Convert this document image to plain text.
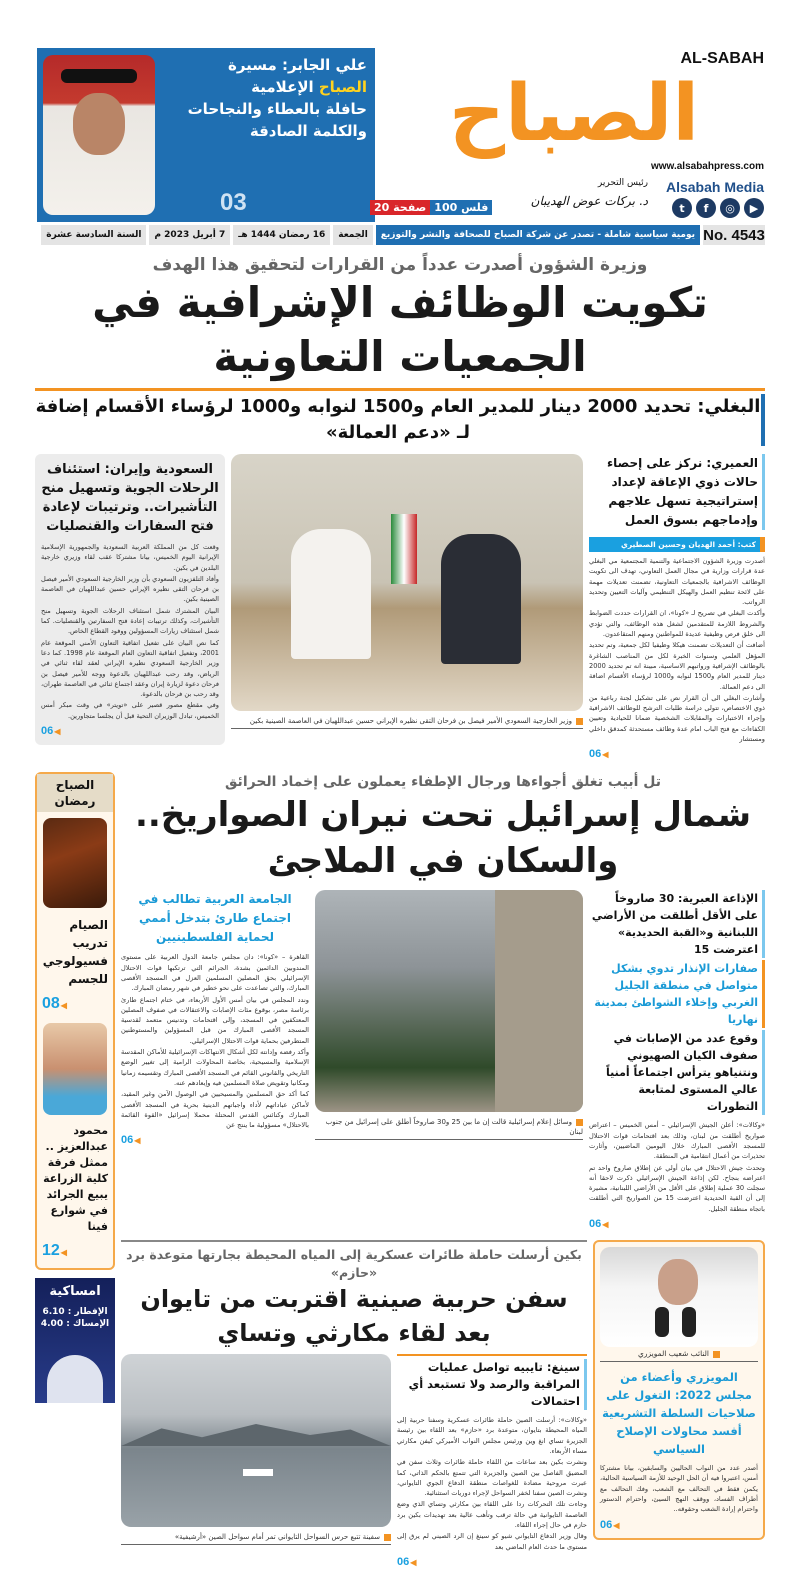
علي الجابر: مسيرة
الصباح الإعلامية
حافلة بالعطاء والنجاحات
والكلمة الصادقة
03
AL-SABAH
الصباح
www.alsabahpress.com
Alsabah Media
t	f	◎	▶
رئيس التحرير
د. بركات عوض الهديبان
20 صفحة 100 فلس
No. 4543
يومية سياسية شاملة - تصدر عن شركة الصباح للصحافة والنشر والتوزيع
الجمعة
16 رمضان 1444 هـ
7 أبريل 2023 م
السنة السادسة عشرة
وزيرة الشؤون أصدرت عدداً من القرارات لتحقيق هذا الهدف
تكويت الوظائف الإشرافية في الجمعيات التعاونية
البغلي: تحديد 2000 دينار للمدير العام و1500 لنوابه و1000 لرؤساء الأقسام إضافة لـ «دعم العمالة»
العميري: نركز على إحصاء حالات ذوي الإعاقة لإعداد إستراتيجية تسهل علاجهم وإدماجهم بسوق العمل
كتب: أحمد الهديان وحسين الصطيري

أصدرت وزيرة الشؤون الاجتماعية والتنمية المجتمعية مي البغلي عدة قرارات وزارية في مجال العمل التعاوني، تهدف الى تكويت الوظائف الاشرافية بالجمعيات التعاونية، تضمنت تعديلات مهمة على لائحة تنظيم العمل والهيكل التنظيمي وآليات التعيين وتحديد الرواتب.

وأكدت البغلي في تصريح لـ «كونا»، ان القرارات حددت الضوابط والشروط اللازمة للمتقدمين لشغل هذه الوظائف، والتي تؤدي الى خلق فرص وظيفية عديدة للمواطنين ومنهم المتقاعدون.

أضافت أن التعديلات تضمنت هيكلا وظيفيا لكل جمعية، وتم تحديد المؤهل العلمي وسنوات الخبرة لكل من المناصب الشاغرة بالوظائف الإشرافية ورواتبهم الاساسية، مبينة انه تم تحديد 2000 دينار للمدير العام و1500 لنوابه و1000 لرؤساء الأقسام اضافة الى دعم العمالة.

وأشارت البغلي الى أن القرار نص على تشكيل لجنة رباعية من ذوي الاختصاص، تتولى دراسة طلبات الترشح للوظائف الاشرافية وإجراء الاختبارات والمقابلات الشخصية ضمانا للحيادية وتعيين الكفاءات مع فتح الباب امام عدة وظائف مستحدثة كمدقق داخلي ومستشار

06 ◀
وزير الخارجية السعودي الأمير فيصل بن فرحان التقى نظيره الإيراني حسين عبداللهيان في العاصمة الصينية بكين
السعودية وإيران: استئناف الرحلات الجوية وتسهيل منح التأشيرات.. وترتيبات لإعادة فتح السفارات والقنصليات

وقعت كل من المملكة العربية السعودية والجمهورية الإسلامية الإيرانية اليوم الخميس، بيانا مشتركا عقب لقاء وزيري خارجية البلدين في بكين.

وأفاد التلفزيون السعودي بأن وزير الخارجية السعودي الأمير فيصل بن فرحان التقى نظيره الإيراني حسين عبداللهيان في العاصمة الصينية بكين.

البيان المشترك شمل استئناف الرحلات الجوية وتسهيل منح التأشيرات، وكذلك ترتيبات إعادة فتح السفارتين والقنصليات. كما شمل استئناف زيارات المسؤولين ووفود القطاع الخاص.

كما نص البيان على تفعيل اتفاقية التعاون الأمني الموقعة عام 2001، وتفعيل اتفاقية التعاون العام الموقعة عام 1998. كما دعا وزير الخارجية السعودي نظيره الإيراني لعقد لقاء ثنائي في الرياض، وقد رحب عبداللهيان بالدعوة ووجه للأمير فيصل بن فرحان دعوة لزيارة إيران وعقد اجتماع ثنائي في العاصمة طهران، وقد رحب بن فرحان بالدعوة.

وفي مقطع مصور قصير على «تويتر» في وقت مبكر أمس الخميس، تبادل الوزيران التحية قبل أن يجلسا متجاورين.

06 ◀
تل أبيب تغلق أجواءها ورجال الإطفاء يعملون على إخماد الحرائق
شمال إسرائيل تحت نيران الصواريخ.. والسكان في الملاجئ
الإذاعة العبرية: 30 صاروخاً على الأقل أطلقت من الأراضي اللبنانية و«القبة الحديدية» اعترضت 15
صفارات الإنذار تدوي بشكل متواصل في منطقة الجليل الغربي وإخلاء الشواطئ بمدينة نهاريا
وقوع عدد من الإصابات في صفوف الكيان الصهيوني ونتنياهو يترأس اجتماعاً أمنياً عالي المستوى لمتابعة التطورات

«وكالات»: أعلن الجيش الإسرائيلي – أمس الخميس – اعتراض صواريخ أطلقت من لبنان، وذلك بعد اقتحامات قوات الاحتلال للمسجد الأقصى المبارك خلال اليومين الماضيين، وأثارت تحذيرات من أعمال انتقامية في المنطقة.

وتحدث جيش الاحتلال في بيان أولي عن إطلاق صاروخ واحد تم اعتراضه بنجاح. لكن إذاعة الجيش الإسرائيلي ذكرت لاحقا أنه سجلت 30 عملية إطلاق على الأقل من الأراضي اللبنانية، مشيرة إلى أن القبة الحديدية اعترضت 15 من الصواريخ التي أطلقت باتجاه منطقة الجليل.

06 ◀
وسائل إعلام إسرائيلية قالت إن ما بين 25 و30 صاروخاً أطلق على إسرائيل من جنوب لبنان
الجامعة العربية تطالب في اجتماع طارئ بتدخل أممي لحماية الفلسطينيين

القاهرة – «كونا»: دان مجلس جامعة الدول العربية على مستوى المندوبين الدائمين بشدة، الجرائم التي ترتكبها قوات الاحتلال الإسرائيلي بحق المصلين المسلمين العزل في المسجد الأقصى المبارك، والتي تصاعدت على نحو خطير في شهر رمضان المبارك.

وندد المجلس في بيان أمس الأول الأربعاء، في ختام اجتماع طارئ برئاسة مصر، بوقوع مئات الإصابات والاعتقالات في صفوف المصلين المعتكفين في المسجد، وإلى اقتحامات وتدنيس متعمد لقدسية المسجد الأقصى المبارك من قبل المسؤولين والمستوطنين المتطرفين بحماية قوات الاحتلال الإسرائيلي.

وأكد رفضه وإدانته لكل أشكال الانتهاكات الإسرائيلية للأماكن المقدسة الإسلامية والمسيحية، بخاصة المحاولات الرامية إلى تغيير الوضع التاريخي والقانوني القائم في المسجد الأقصى المبارك وتقسيمه زمانيا ومكانيا وتقويض صلاة المسلمين فيه وإبعادهم عنه.

كما أكد حق المسلمين والمسيحيين في الوصول الآمن وغير المقيد، لأماكن عباداتهم لأداء واجباتهم الدينية بحرية في المسجد الأقصى المبارك وكنائس القدس المحتلة محملا إسرائيل «القوة القائمة بالاحتلال» مسؤولية ما ينتج عن

06 ◀
النائب شعيب المويزري
المويزري وأعضاء من مجلس 2022: التغول على صلاحيات السلطة التشريعية أفسد محاولات الإصلاح السياسي
أصدر عدد من النواب الحاليين والسابقين، بيانا مشتركا أمس، اعتبروا فيه أن الحل الوحيد للأزمة السياسية الحالية، يكمن فقط في التحالف مع الشعب، وفك التحالف مع أطراف الفساد، ووقف النهج السيئ، واحترام الدستور واحترام إرادة الشعب وحقوقه..
06 ◀
بكين أرسلت حاملة طائرات عسكرية إلى المياه المحيطة بجارتها متوعدة برد «حازم»
سفن حربية صينية اقتربت من تايوان بعد لقاء مكارثي وتساي
سينغ: تايبيه تواصل عمليات المراقبة والرصد ولا تستبعد أي احتمالات

«وكالات»: أرسلت الصين حاملة طائرات عسكرية وسفنا حربية إلى المياه المحيطة بتايوان، متوعدة برد «حازم» بعد اللقاء بين رئيسة الجزيرة تساي انغ وين ورئيس مجلس النواب الأميركي كيفن مكارثي مساء الأربعاء.

ونشرت بكين بعد ساعات من اللقاء حاملة طائرات وثلاث سفن في المضيق الفاصل بين الصين والجزيرة التي تتمتع بالحكم الذاتي، كما عبرت مروحية مضادة للغواصات منطقة الدفاع الجوي التايواني، ونشرت الصين سفنا لخفر السواحل لإجراء دوريات استثنائية.

وجاءت تلك التحركات ردا على اللقاء بين مكارثي وتساي الذي وضع العاصمة التايوانية في حالة ترقب وتأهب عالية بعد تهديدات بكين برد حازم في حال إجراء اللقاء.

وقال وزير الدفاع التايواني شيو كو سينغ إن الرد الصيني لم يرق إلى مستوى ما حدث العام الماضي بعد

06 ◀
سفينة تتبع حرس السواحل التايواني تمر أمام سواحل الصين «أرشيفية»
الصباح رمضان
الصيام تدريب فسيولوجي للجسم
08 ◀
محمود عبدالعزيز .. ممثل فرقة كلية الزراعة يبيع الجرائد في شوارع فينا
12 ◀
امساكية
الإفطار : 6.10
الإمساك : 4.00
